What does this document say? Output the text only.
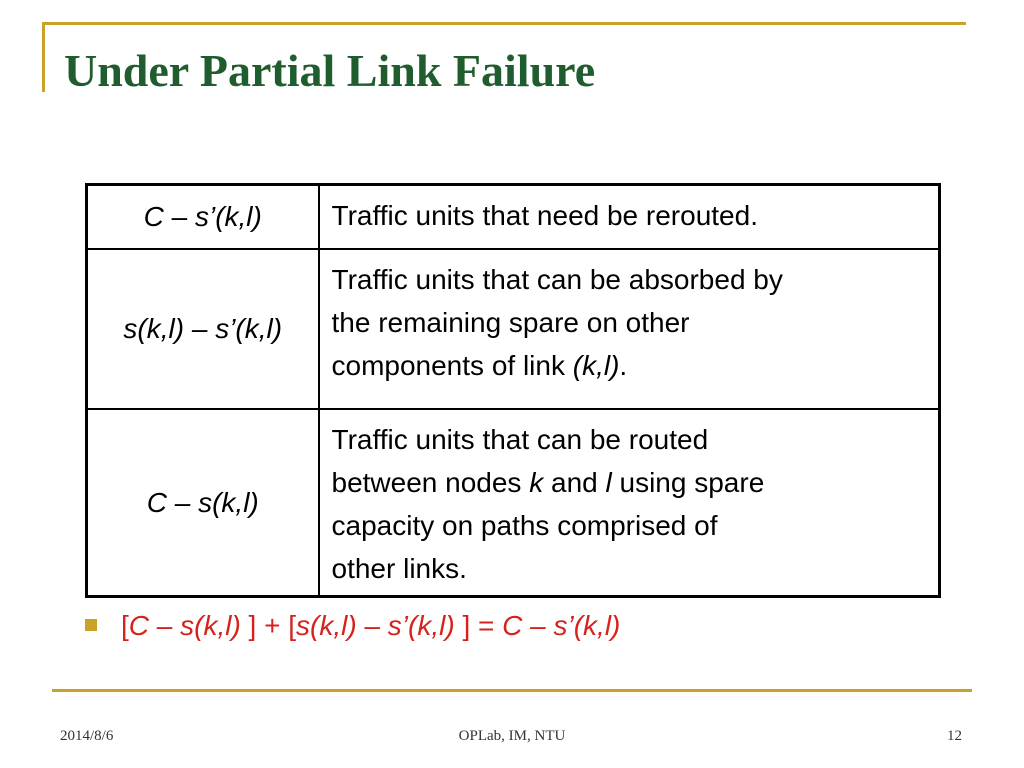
Under Partial Link Failure
C – s’(k,l)	Traffic units that need be rerouted.
s(k,l) – s’(k,l)	Traffic units that can be absorbed by
the remaining spare on other
components of link (k,l).
C – s(k,l)	Traffic units that can be routed
between nodes k and l using spare
capacity on paths comprised of
other links.
[C – s(k,l) ] + [s(k,l) – s’(k,l) ] = C – s’(k,l)
2014/8/6	OPLab, IM, NTU	12
